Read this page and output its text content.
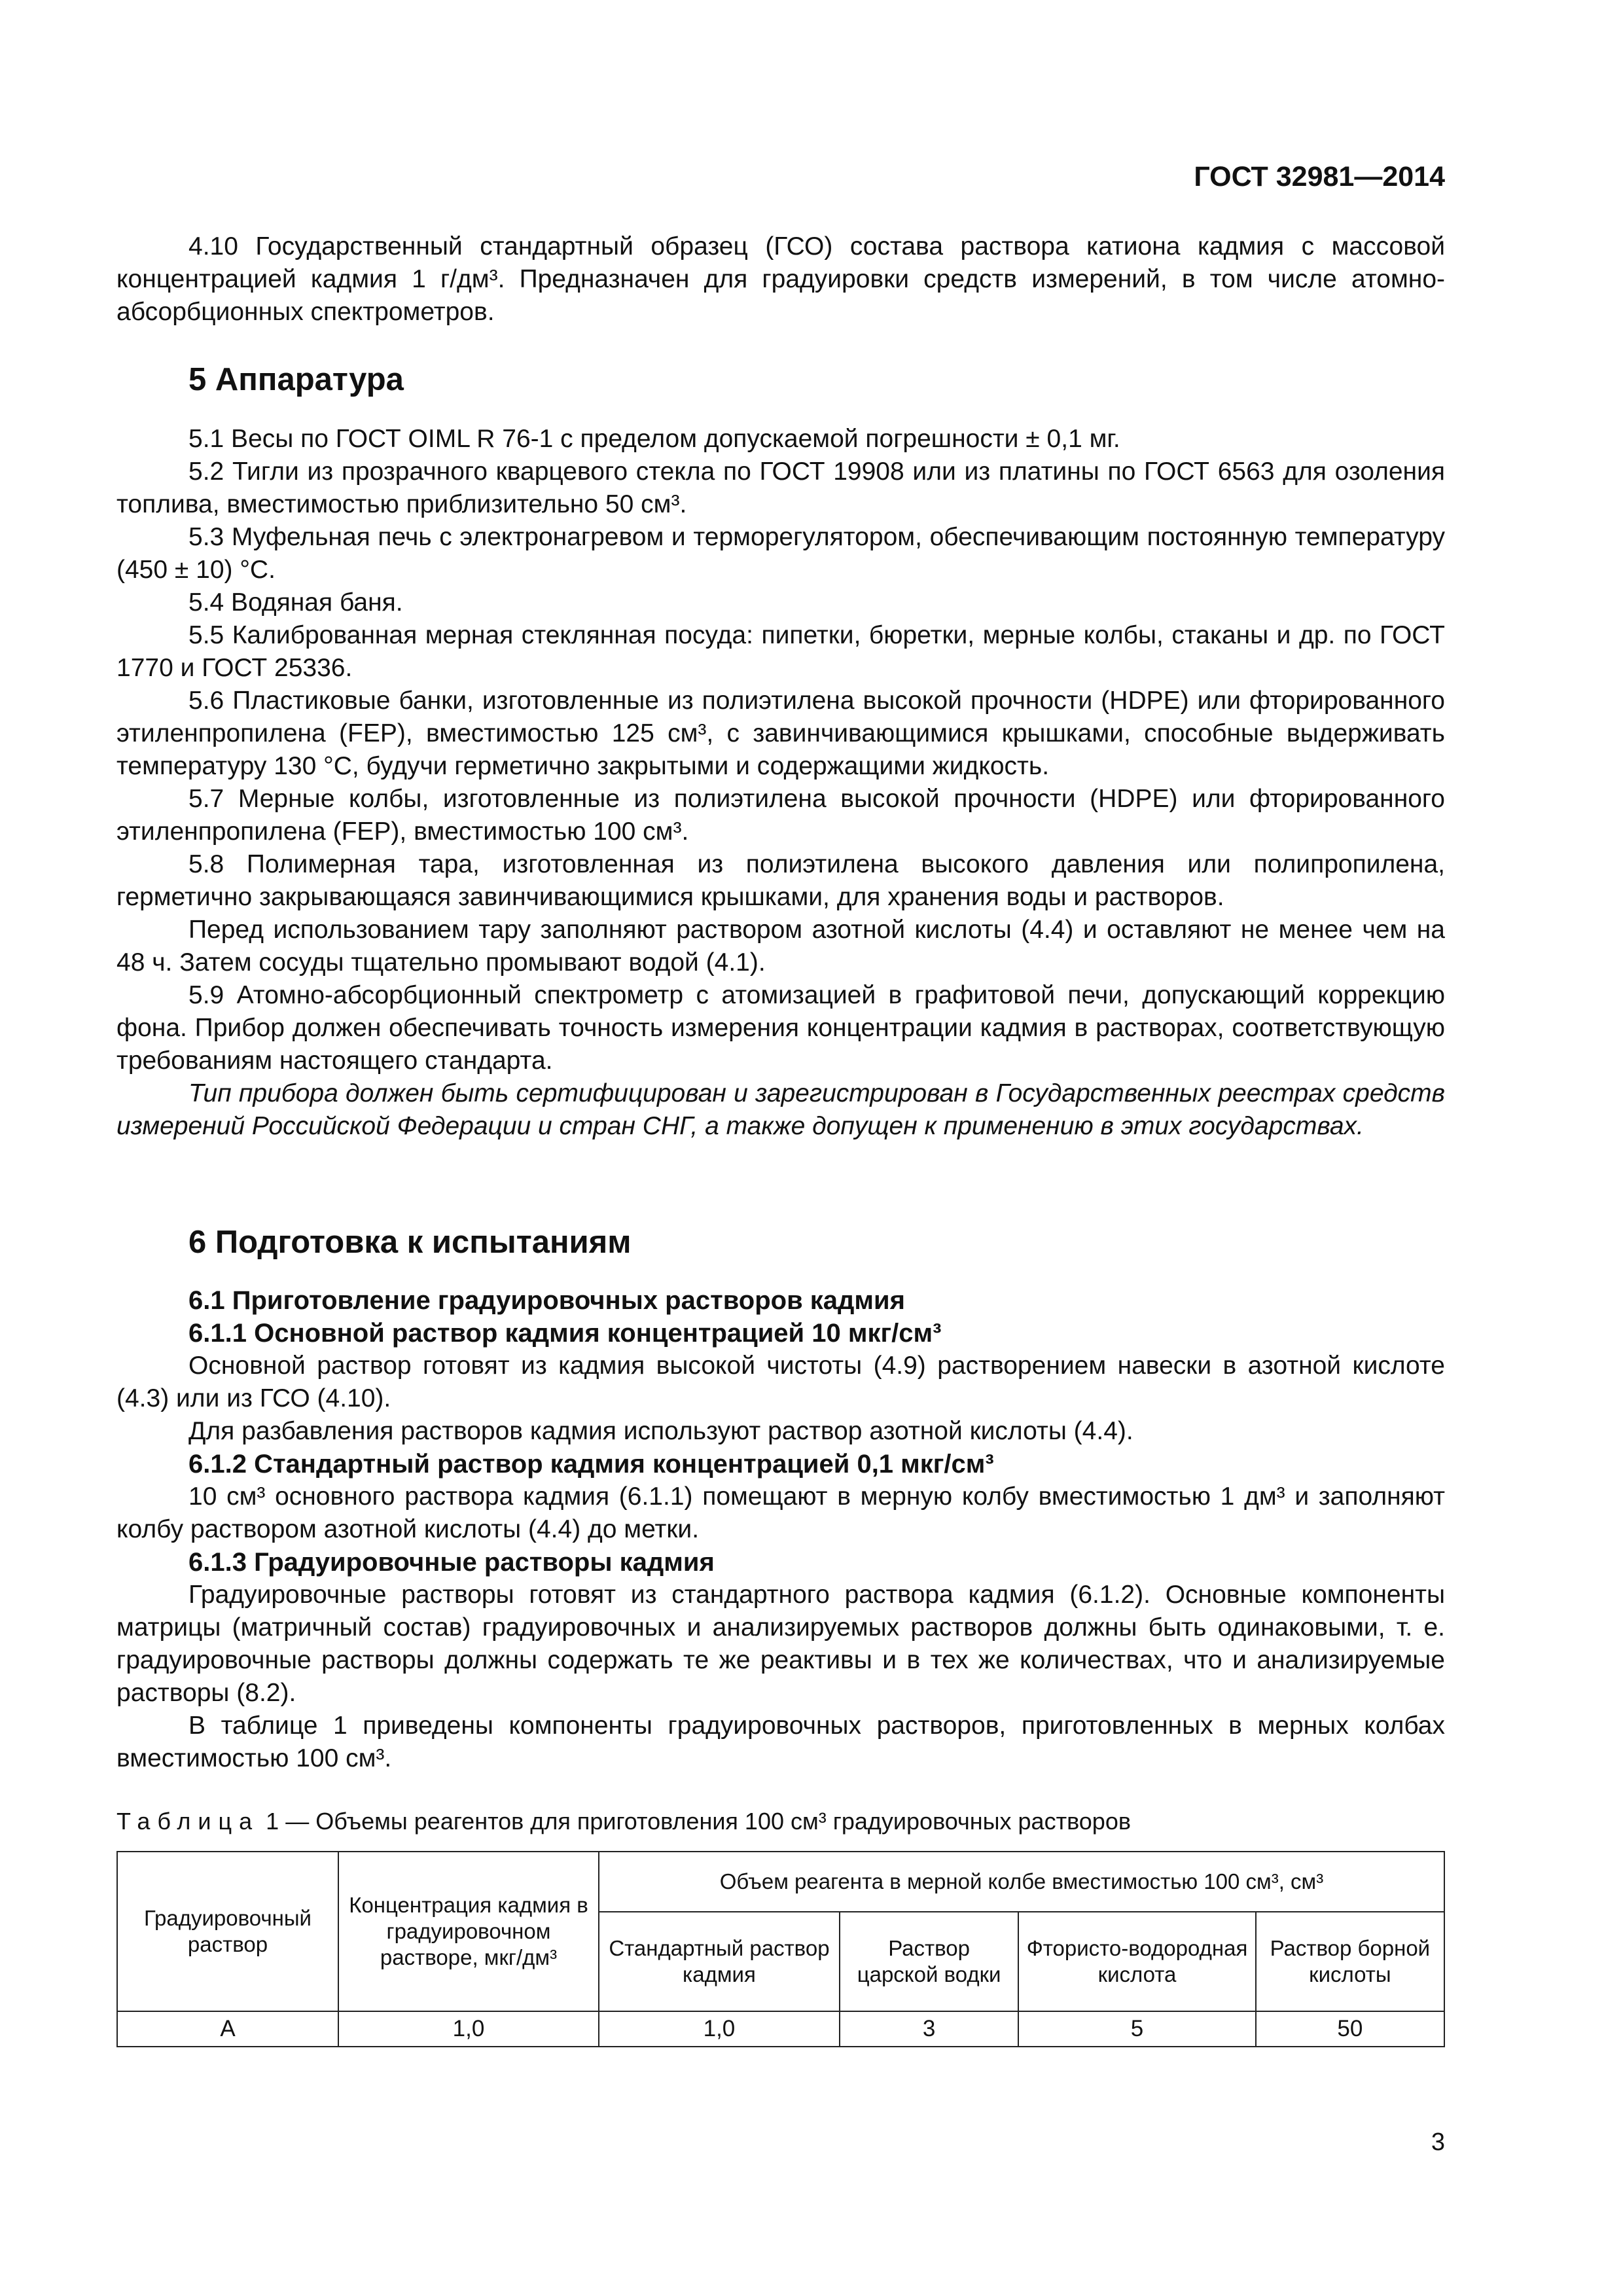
ГОСТ 32981—2014

4.10 Государственный стандартный образец (ГСО) состава раствора катиона кадмия с массовой концентрацией кадмия 1 г/дм³. Предназначен для градуировки средств измерений, в том числе атомно-абсорбционных спектрометров.

5 Аппаратура

5.1 Весы по ГОСТ OIML R 76-1 с пределом допускаемой погрешности ± 0,1 мг.

5.2 Тигли из прозрачного кварцевого стекла по ГОСТ 19908 или из платины по ГОСТ 6563 для озоления топлива, вместимостью приблизительно 50 см³.

5.3 Муфельная печь с электронагревом и терморегулятором, обеспечивающим постоянную температуру (450 ± 10) °С.

5.4 Водяная баня.

5.5 Калиброванная мерная стеклянная посуда: пипетки, бюретки, мерные колбы, стаканы и др. по ГОСТ 1770 и ГОСТ 25336.

5.6 Пластиковые банки, изготовленные из полиэтилена высокой прочности (HDPE) или фторированного этиленпропилена (FEP), вместимостью 125 см³, с завинчивающимися крышками, способные выдерживать температуру 130 °С, будучи герметично закрытыми и содержащими жидкость.

5.7 Мерные колбы, изготовленные из полиэтилена высокой прочности (HDPE) или фторированного этиленпропилена (FEP), вместимостью 100 см³.

5.8 Полимерная тара, изготовленная из полиэтилена высокого давления или полипропилена, герметично закрывающаяся завинчивающимися крышками, для хранения воды и растворов.

Перед использованием тару заполняют раствором азотной кислоты (4.4) и оставляют не менее чем на 48 ч. Затем сосуды тщательно промывают водой (4.1).

5.9 Атомно-абсорбционный спектрометр с атомизацией в графитовой печи, допускающий коррекцию фона. Прибор должен обеспечивать точность измерения концентрации кадмия в растворах, соответствующую требованиям настоящего стандарта.

Тип прибора должен быть сертифицирован и зарегистрирован в Государственных реестрах средств измерений Российской Федерации и стран СНГ, а также допущен к применению в этих государствах.

6 Подготовка к испытаниям
6.1 Приготовление градуировочных растворов кадмия
6.1.1 Основной раствор кадмия концентрацией 10 мкг/см³

Основной раствор готовят из кадмия высокой чистоты (4.9) растворением навески в азотной кислоте (4.3) или из ГСО (4.10).

Для разбавления растворов кадмия используют раствор азотной кислоты (4.4).

6.1.2 Стандартный раствор кадмия концентрацией 0,1 мкг/см³

10 см³ основного раствора кадмия (6.1.1) помещают в мерную колбу вместимостью 1 дм³ и заполняют колбу раствором азотной кислоты (4.4) до метки.

6.1.3 Градуировочные растворы кадмия

Градуировочные растворы готовят из стандартного раствора кадмия (6.1.2). Основные компоненты матрицы (матричный состав) градуировочных и анализируемых растворов должны быть одинаковыми, т. е. градуировочные растворы должны содержать те же реактивы и в тех же количествах, что и анализируемые растворы (8.2).

В таблице 1 приведены компоненты градуировочных растворов, приготовленных в мерных колбах вместимостью 100 см³.

Таблица 1 — Объемы реагентов для приготовления 100 см³ градуировочных растворов
Градуировочный раствор	Концентрация кадмия в градуировочном растворе, мкг/дм³	Объем реагента в мерной колбе вместимостью 100 см³, см³			
		Стандартный раствор кадмия	Раствор царской водки	Фтористо-водородная кислота	Раствор борной кислоты
А	1,0	1,0	3	5	50
3
